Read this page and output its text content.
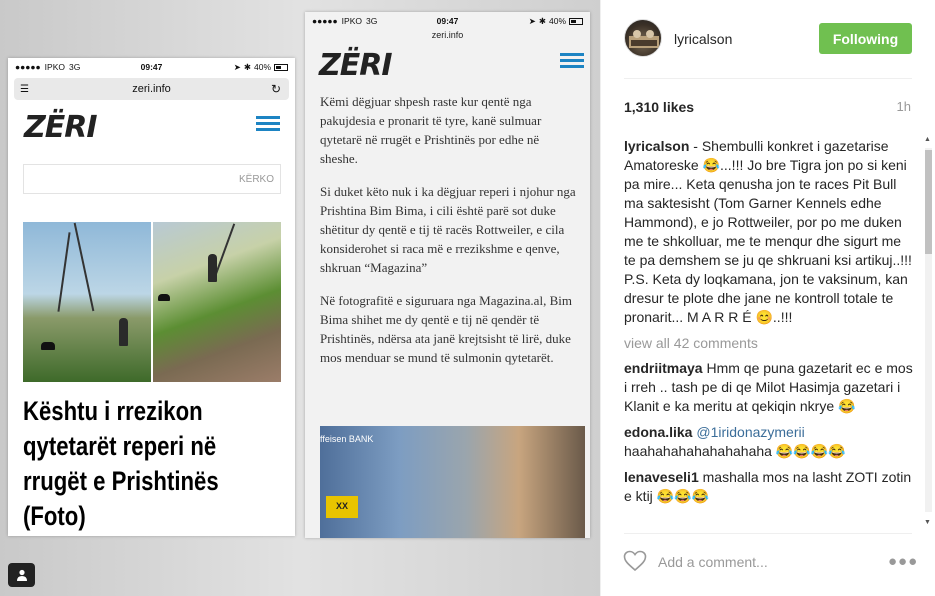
●●●●● IPKO 3G	09:47	➤ ✱ 40%
☰	zeri.info	↻
ZËRI
KËRKO
Kështu i rrezikon qytetarët reperi në rrugët e Prishtinës (Foto)
●●●●● IPKO 3G	09:47	➤ ✱ 40%
zeri.info
ZËRI

Këmi dëgjuar shpesh raste kur qentë nga pakujdesia e pronarit të tyre, kanë sulmuar qytetarë në rrugët e Prishtinës por edhe në sheshe.

Si duket këto nuk i ka dëgjuar reperi i njohur nga Prishtina Bim Bima, i cili është parë sot duke shëtitur dy qentë e tij të racës Rottweiler, e cila konsiderohet si raca më e rrezikshme e qenve, shkruan “Magazina”

Në fotografitë e siguruara nga Magazina.al, Bim Bima shihet me dy qentë e tij në qendër të Prishtinës, ndërsa ata janë krejtsisht të lirë, duke mos menduar se mund të sulmonin qytetarët.

ffeisen BANK
XX
lyricalson	Following
1,310 likes	1h
lyricalson - Shembulli konkret i gazetarise Amatoreske 😂...!!! Jo bre Tigra jon po si keni pa mire... Keta qenusha jon te races Pit Bull ma saktesisht (Tom Garner Kennels edhe Hammond), e jo Rottweiler, por po me duken me te shkolluar, me te menqur dhe sigurt me te pa demshem se ju qe shkruani ksi artikuj..!!! P.S. Keta dy loqkamana, jon te vaksinum, kan dresur te plote dhe jane ne kontroll totale te pronarit... M A R R É 😊..!!!
view all 42 comments
endriitmaya Hmm qe puna gazetarit ec e mos i rreh .. tash pe di qe Milot Hasimja gazetari i Klanit e ka meritu at qekiqin nkrye 😂
edona.lika @1iridonazymerii haahahahahahahahaha 😂😂😂😂
lenaveseli1 mashalla mos na lasht ZOTI zotin e ktij 😂😂😂
▲
▼
Add a comment...
●●●
